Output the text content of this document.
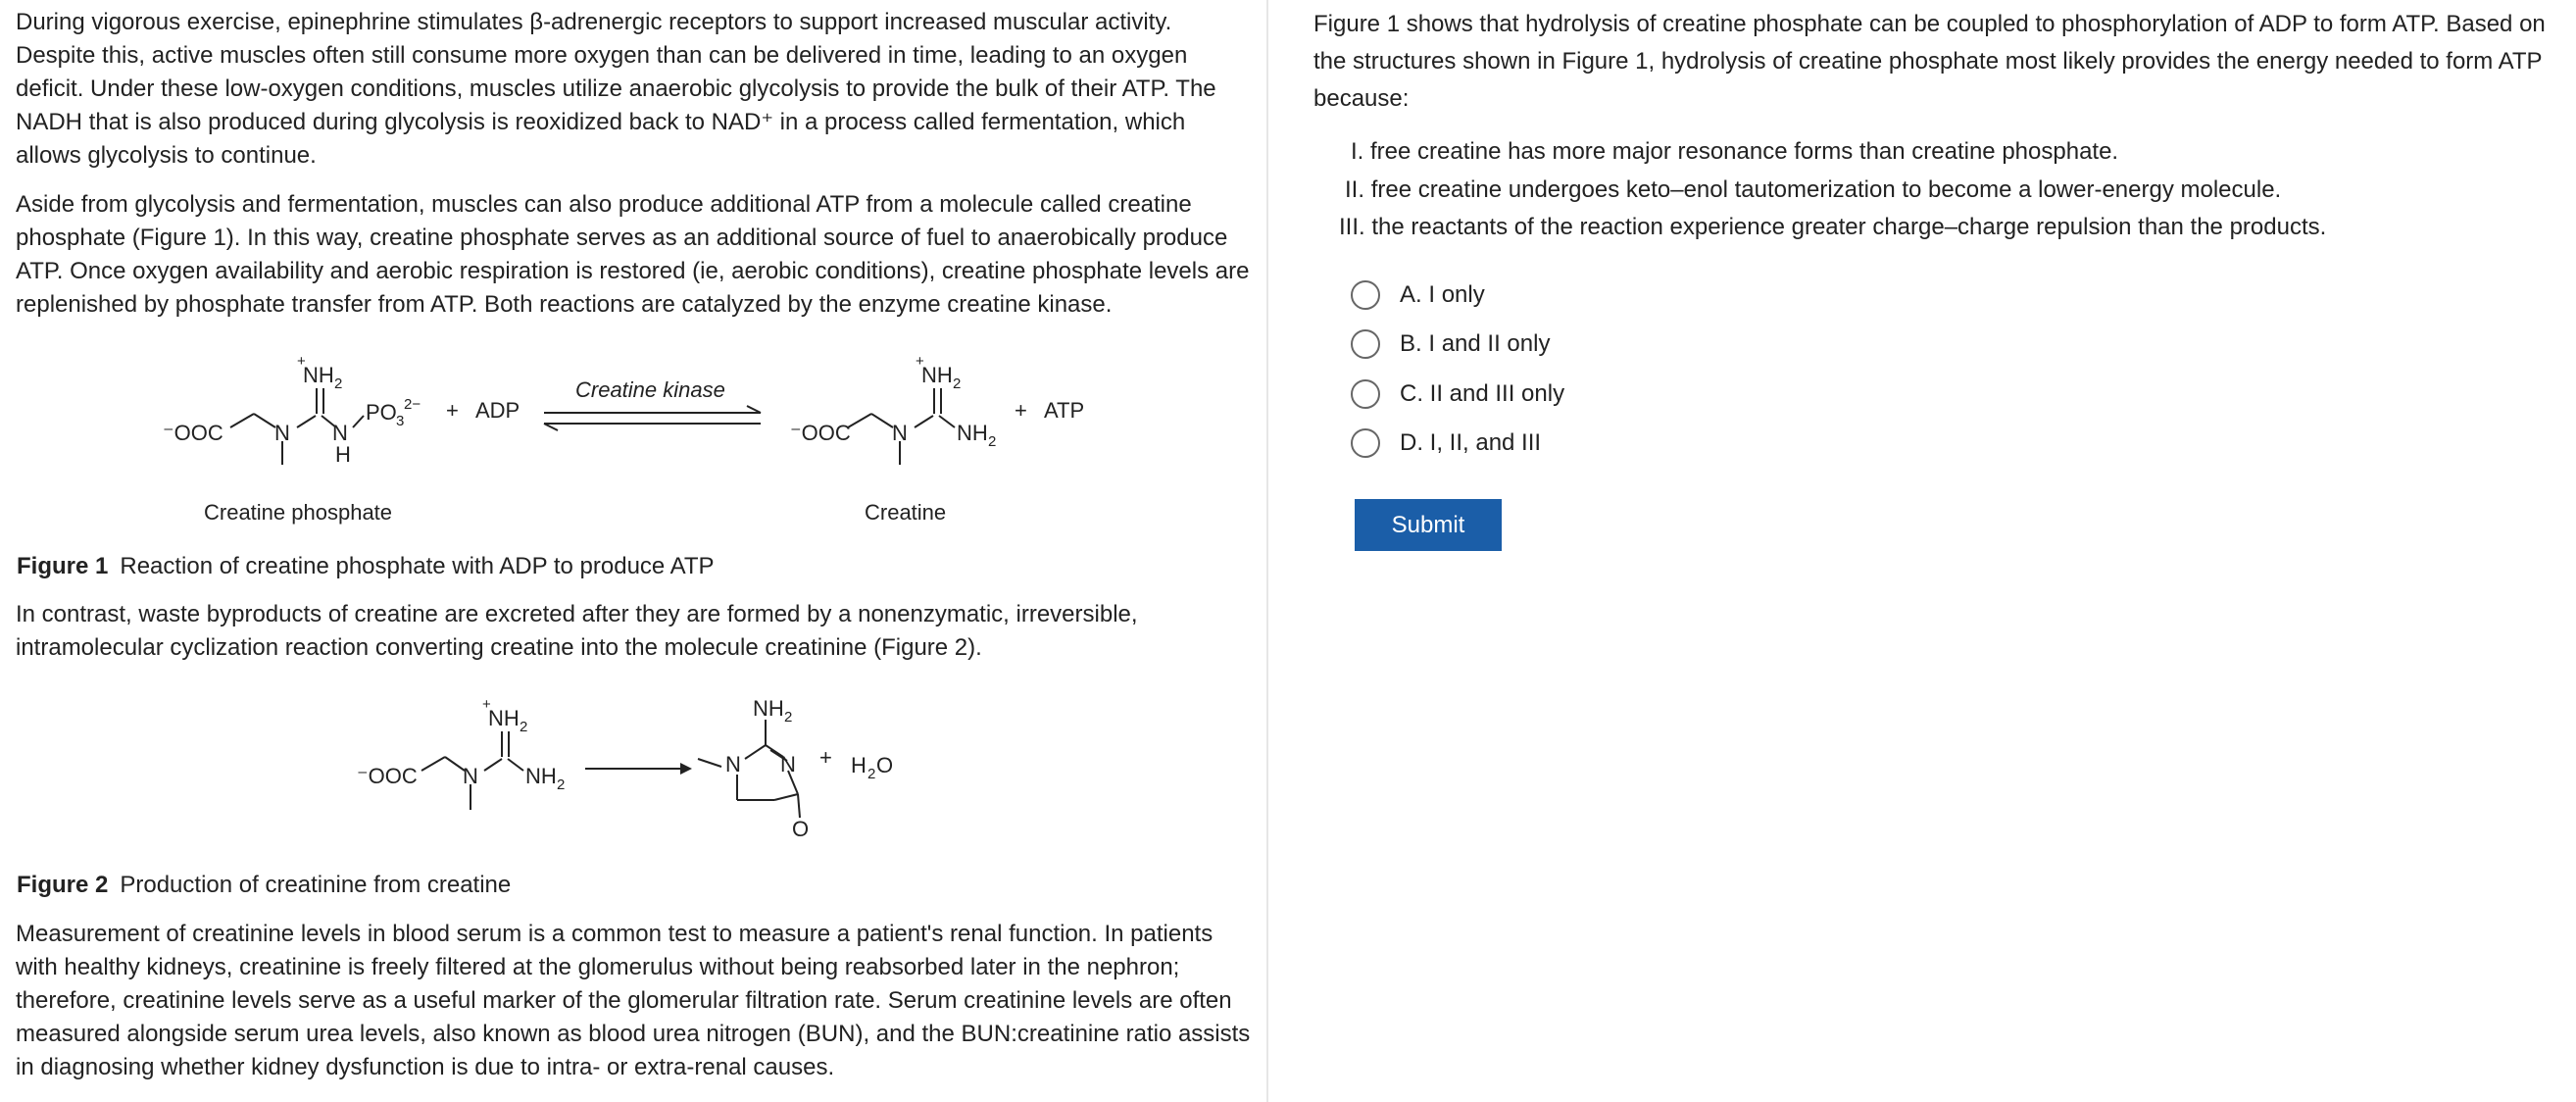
During vigorous exercise, epinephrine stimulates β-adrenergic receptors to support increased muscular activity. Despite this, active muscles often still consume more oxygen than can be delivered in time, leading to an oxygen deficit. Under these low-oxygen conditions, muscles utilize anaerobic glycolysis to provide the bulk of their ATP. The NADH that is also produced during glycolysis is reoxidized back to NAD⁺ in a process called fermentation, which allows glycolysis to continue.

Aside from glycolysis and fermentation, muscles can also produce additional ATP from a molecule called creatine phosphate (Figure 1). In this way, creatine phosphate serves as an additional source of fuel to anaerobically produce ATP. Once oxygen availability and aerobic respiration is restored (ie, aerobic conditions), creatine phosphate levels are replenished by phosphate transfer from ATP. Both reactions are catalyzed by the enzyme creatine kinase.

⁻OOC N
+
NH 2
N
H
PO 3
2− + ADP
Creatine kinase
⁻OOC N
+
NH 2
NH 2
+ ATP
Creatine phosphate	Creatine

Figure 1 Reaction of creatine phosphate with ADP to produce ATP

In contrast, waste byproducts of creatine are excreted after they are formed by a nonenzymatic, irreversible, intramolecular cyclization reaction converting creatine into the molecule creatinine (Figure 2).

⁻OOC N
+
NH 2
NH 2
NH 2
N N
O
+ H 2 O

Figure 2 Production of creatinine from creatine

Measurement of creatinine levels in blood serum is a common test to measure a patient's renal function. In patients with healthy kidneys, creatinine is freely filtered at the glomerulus without being reabsorbed later in the nephron; therefore, creatinine levels serve as a useful marker of the glomerular filtration rate. Serum creatinine levels are often measured alongside serum urea levels, also known as blood urea nitrogen (BUN), and the BUN:creatinine ratio assists in diagnosing whether kidney dysfunction is due to intra- or extra-renal causes.

Figure 1 shows that hydrolysis of creatine phosphate can be coupled to phosphorylation of ADP to form ATP. Based on the structures shown in Figure 1, hydrolysis of creatine phosphate most likely provides the energy needed to form ATP because:

I. free creatine has more major resonance forms than creatine phosphate.

II. free creatine undergoes keto–enol tautomerization to become a lower-energy molecule.

III. the reactants of the reaction experience greater charge–charge repulsion than the products.

A. I only
B. I and II only
C. II and III only
D. I, II, and III
Submit
